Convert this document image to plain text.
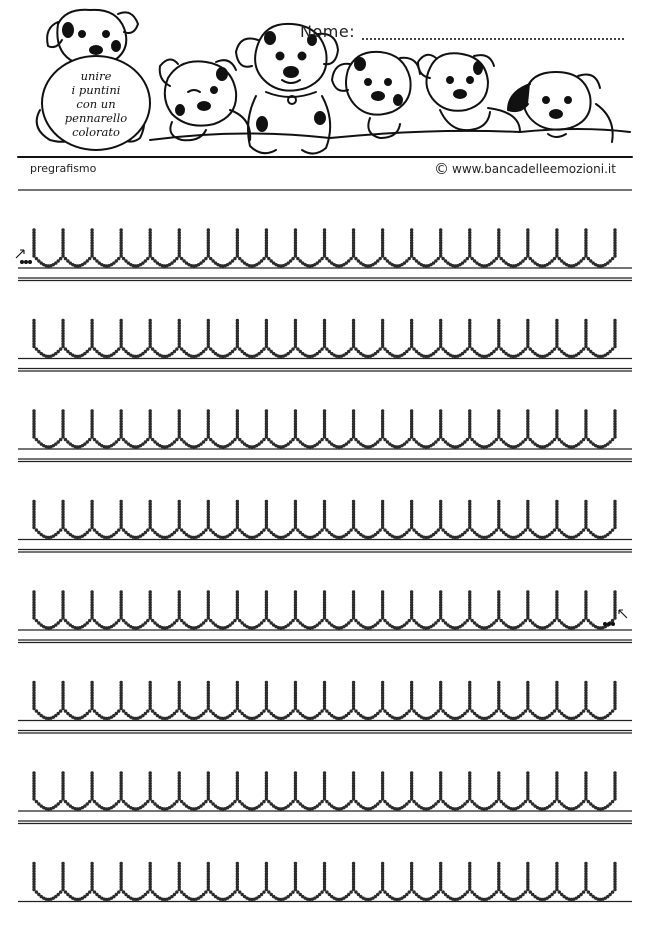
Nome:
unire
i puntini
con un
pennarello
colorato
pregrafismo	© www.bancadelleemozioni.it
